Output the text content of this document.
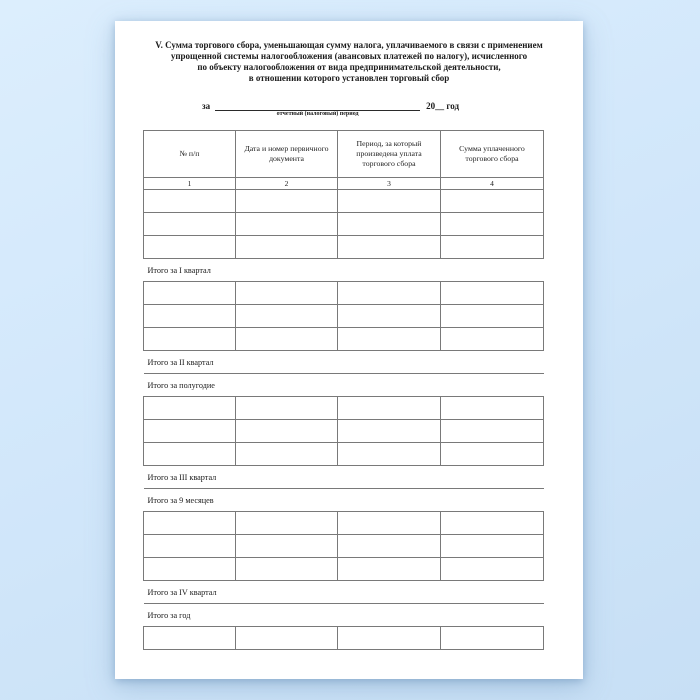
V. Сумма торгового сбора, уменьшающая сумму налога, уплачиваемого в связи с применением
упрощенной системы налогообложения (авансовых платежей по налогу), исчисленного
по объекту налогообложения от вида предпринимательской деятельности,
в отношении которого установлен торговый сбор
за
отчетный (налоговый) период
20__ год
№ п/п	Дата и номер первичного документа	Период, за который произведена уплата торгового сбора	Сумма уплаченного торгового сбора
1	2	3	4

Итого за I квартал			

Итого за II квартал			
Итого за полугодие			

Итого за III квартал			
Итого за 9 месяцев			

Итого за IV квартал			
Итого за год			
